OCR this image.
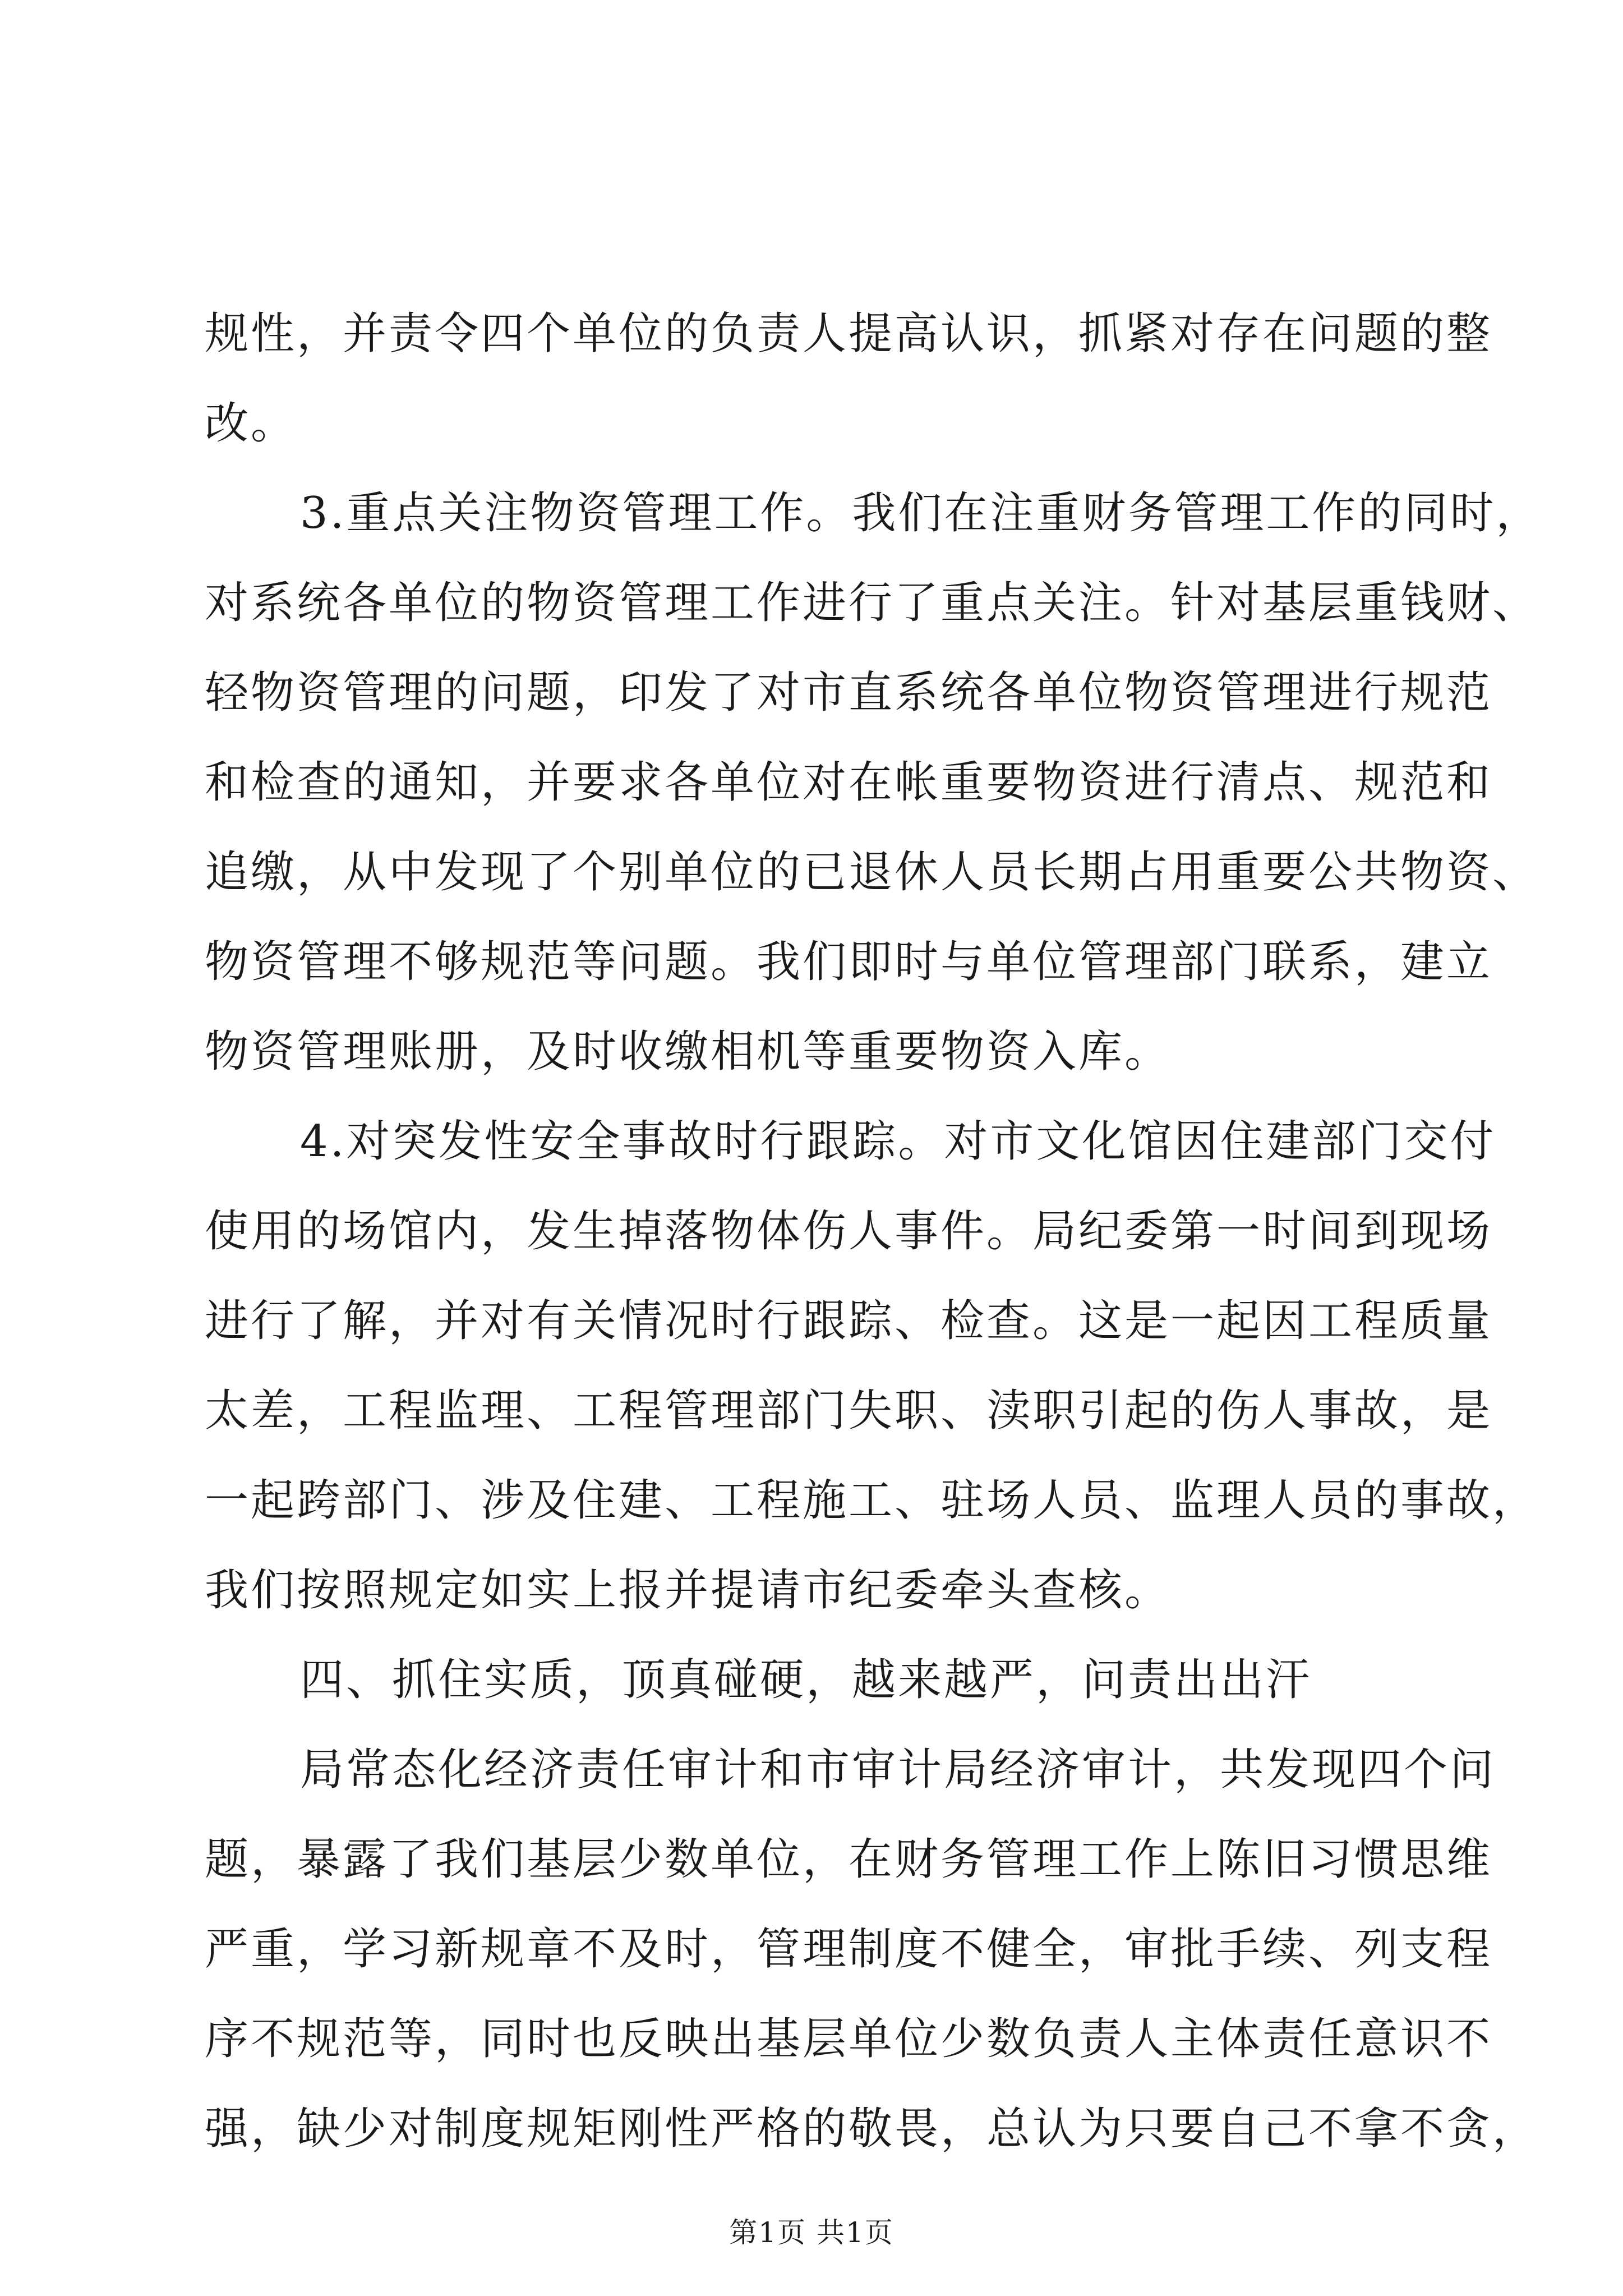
规性，并责令四个单位的负责人提高认识，抓紧对存在问题的整
改。
3.重点关注物资管理工作。我们在注重财务管理工作的同时，
对系统各单位的物资管理工作进行了重点关注。针对基层重钱财、
轻物资管理的问题，印发了对市直系统各单位物资管理进行规范
和检查的通知，并要求各单位对在帐重要物资进行清点、规范和
追缴，从中发现了个别单位的已退休人员长期占用重要公共物资、
物资管理不够规范等问题。我们即时与单位管理部门联系，建立
物资管理账册，及时收缴相机等重要物资入库。
4.对突发性安全事故时行跟踪。对市文化馆因住建部门交付
使用的场馆内，发生掉落物体伤人事件。局纪委第一时间到现场
进行了解，并对有关情况时行跟踪、检查。这是一起因工程质量
太差，工程监理、工程管理部门失职、渎职引起的伤人事故，是
一起跨部门、涉及住建、工程施工、驻场人员、监理人员的事故，
我们按照规定如实上报并提请市纪委牵头查核。
四、抓住实质，顶真碰硬，越来越严，问责出出汗
局常态化经济责任审计和市审计局经济审计，共发现四个问
题，暴露了我们基层少数单位，在财务管理工作上陈旧习惯思维
严重，学习新规章不及时，管理制度不健全，审批手续、列支程
序不规范等，同时也反映出基层单位少数负责人主体责任意识不
强，缺少对制度规矩刚性严格的敬畏，总认为只要自己不拿不贪，
第1页 共1页
